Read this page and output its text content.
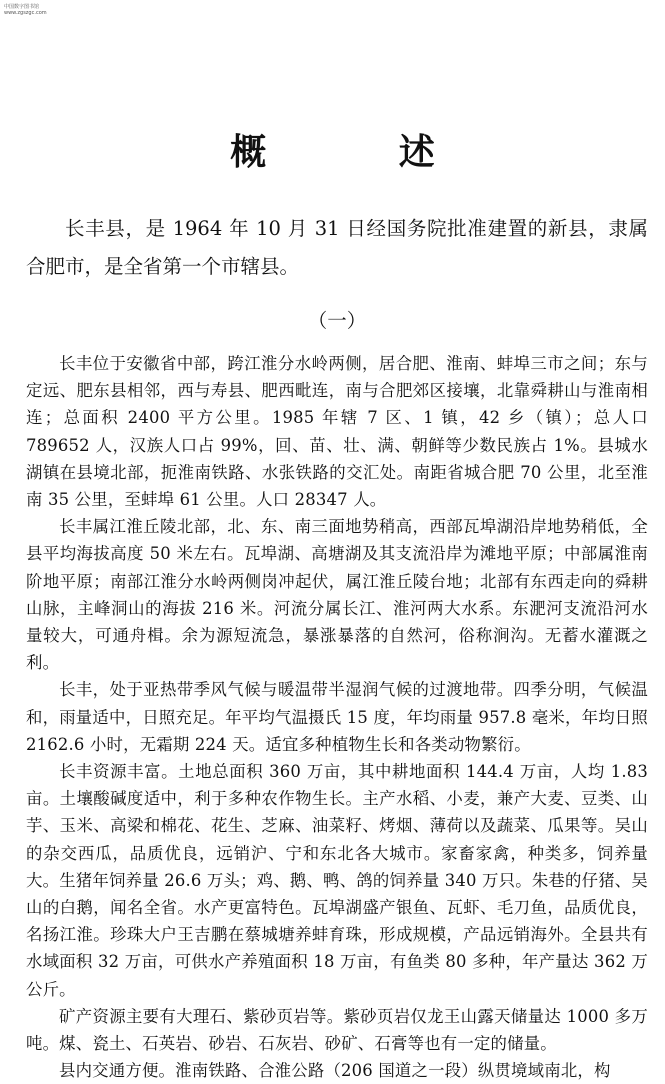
中国数字图书馆 www.zgszgc.com
概 述

长丰县，是 1964 年 10 月 31 日经国务院批准建置的新县，隶属合肥市，是全省第一个市辖县。

（一）

长丰位于安徽省中部，跨江淮分水岭两侧，居合肥、淮南、蚌埠三市之间；东与定远、肥东县相邻，西与寿县、肥西毗连，南与合肥郊区接壤，北靠舜耕山与淮南相连；总面积 2400 平方公里。1985 年辖 7 区、1 镇，42 乡（镇）；总人口 789652 人，汉族人口占 99%，回、苗、壮、满、朝鲜等少数民族占 1%。县城水湖镇在县境北部，扼淮南铁路、水张铁路的交汇处。南距省城合肥 70 公里，北至淮南 35 公里，至蚌埠 61 公里。人口 28347 人。

长丰属江淮丘陵北部，北、东、南三面地势稍高，西部瓦埠湖沿岸地势稍低，全县平均海拔高度 50 米左右。瓦埠湖、高塘湖及其支流沿岸为滩地平原；中部属淮南阶地平原；南部江淮分水岭两侧岗冲起伏，属江淮丘陵台地；北部有东西走向的舜耕山脉，主峰洞山的海拔 216 米。河流分属长江、淮河两大水系。东淝河支流沿河水量较大，可通舟楫。余为源短流急，暴涨暴落的自然河，俗称涧沟。无蓄水灌溉之利。

长丰，处于亚热带季风气候与暖温带半湿润气候的过渡地带。四季分明，气候温和，雨量适中，日照充足。年平均气温摄氏 15 度，年均雨量 957.8 毫米，年均日照 2162.6 小时，无霜期 224 天。适宜多种植物生长和各类动物繁衍。

长丰资源丰富。土地总面积 360 万亩，其中耕地面积 144.4 万亩，人均 1.83 亩。土壤酸碱度适中，利于多种农作物生长。主产水稻、小麦，兼产大麦、豆类、山芋、玉米、高梁和棉花、花生、芝麻、油菜籽、烤烟、薄荷以及蔬菜、瓜果等。吴山的杂交西瓜，品质优良，远销沪、宁和东北各大城市。家畜家禽，种类多，饲养量大。生猪年饲养量 26.6 万头；鸡、鹅、鸭、鸽的饲养量 340 万只。朱巷的仔猪、吴山的白鹅，闻名全省。水产更富特色。瓦埠湖盛产银鱼、瓦虾、毛刀鱼，品质优良，名扬江淮。珍珠大户王吉鹏在蔡城塘养蚌育珠，形成规模，产品远销海外。全县共有水域面积 32 万亩，可供水产养殖面积 18 万亩，有鱼类 80 多种，年产量达 362 万公斤。

矿产资源主要有大理石、紫砂页岩等。紫砂页岩仅龙王山露天储量达 1000 多万吨。煤、瓷土、石英岩、砂岩、石灰岩、砂矿、石膏等也有一定的储量。

县内交通方便。淮南铁路、合淮公路（206 国道之一段）纵贯境域南北，构
